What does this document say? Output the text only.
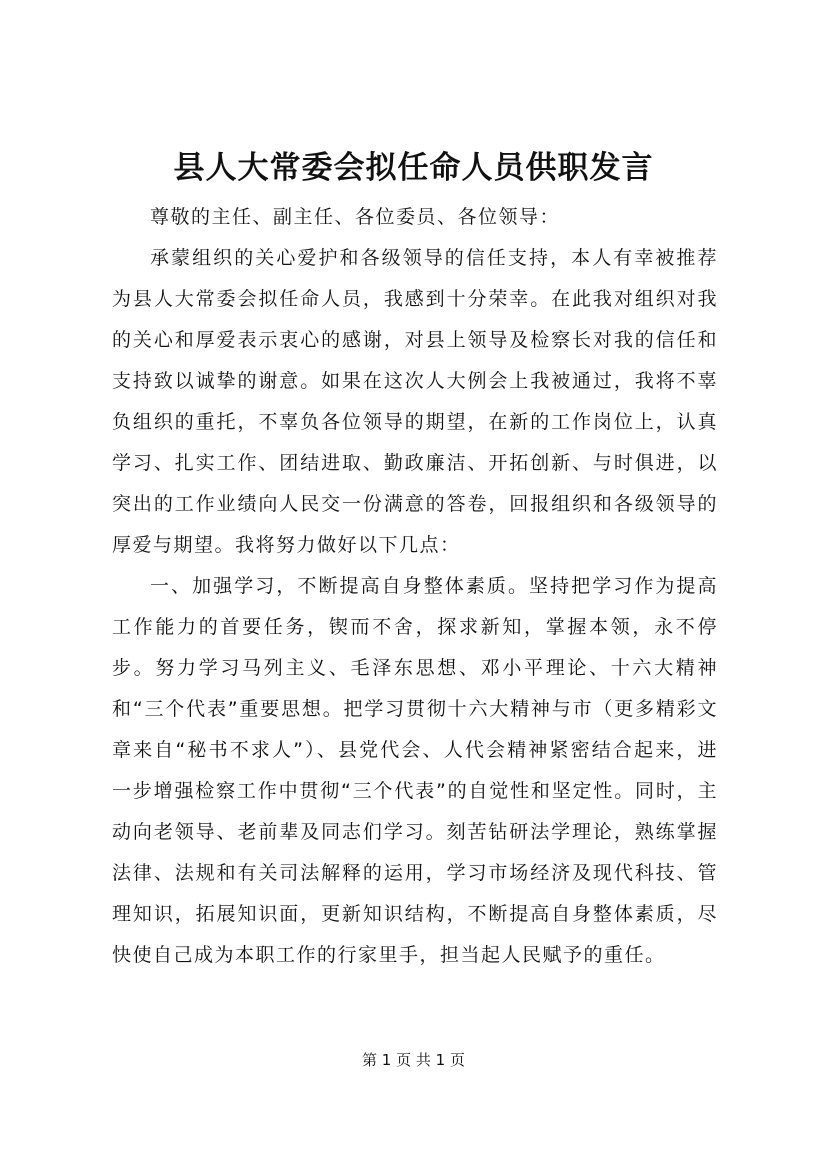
县人大常委会拟任命人员供职发言

尊敬的主任、副主任、各位委员、各位领导：

承蒙组织的关心爱护和各级领导的信任支持，本人有幸被推荐为县人大常委会拟任命人员，我感到十分荣幸。在此我对组织对我的关心和厚爱表示衷心的感谢，对县上领导及检察长对我的信任和支持致以诚挚的谢意。如果在这次人大例会上我被通过，我将不辜负组织的重托，不辜负各位领导的期望，在新的工作岗位上，认真学习、扎实工作、团结进取、勤政廉洁、开拓创新、与时俱进，以突出的工作业绩向人民交一份满意的答卷，回报组织和各级领导的厚爱与期望。我将努力做好以下几点：

一、加强学习，不断提高自身整体素质。坚持把学习作为提高工作能力的首要任务，锲而不舍，探求新知，掌握本领，永不停步。努力学习马列主义、毛泽东思想、邓小平理论、十六大精神和“三个代表”重要思想。把学习贯彻十六大精神与市（更多精彩文章来自“秘书不求人”）、县党代会、人代会精神紧密结合起来，进一步增强检察工作中贯彻“三个代表”的自觉性和坚定性。同时，主动向老领导、老前辈及同志们学习。刻苦钻研法学理论，熟练掌握法律、法规和有关司法解释的运用，学习市场经济及现代科技、管理知识，拓展知识面，更新知识结构，不断提高自身整体素质，尽快使自己成为本职工作的行家里手，担当起人民赋予的重任。

第 1 页 共 1 页
